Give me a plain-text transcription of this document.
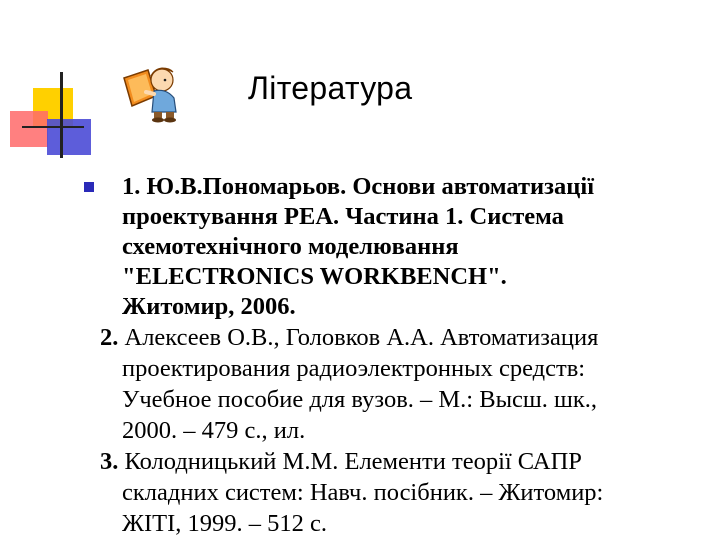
Література
1. Ю.В.Пономарьов. Основи автоматизації
проектування РЕА. Частина 1. Система
схемотехнічного моделювання
"ELECTRONICS WORKBENCH".
Житомир, 2006.
2. Алексеев О.В., Головков А.А. Автоматизация
проектирования радиоэлектронных средств:
Учебное пособие для вузов. – М.: Высш. шк.,
2000. – 479 с., ил.
3. Колодницький М.М. Елементи теорії САПР
складних систем: Навч. посібник. – Житомир:
ЖІТІ, 1999. – 512 с.
